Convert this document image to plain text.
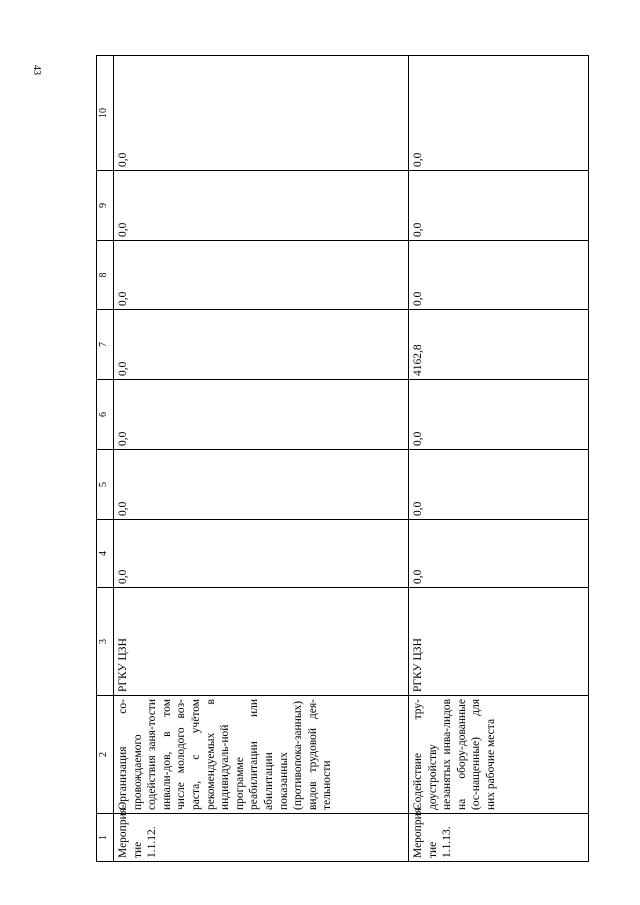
43
1	2	3	4	5	6	7	8	9	10
Мероприя-тие 1.1.12.	Организация со-провождаемого содействия заня-тости инвали-дов, в том числе молодого воз-раста, с учётом рекомендуемых в индивидуаль-ной программе реабилитации или абилитации показанных (противопока-занных) видов трудовой дея-тельности	РГКУ ЦЗН	0,0	0,0	0,0	0,0	0,0	0,0	0,0
Мероприя-тие 1.1.13.	Содействие тру-доустройству незанятых инва-лидов на обору-дованные (ос-нащенные) для них рабочие места	РГКУ ЦЗН	0,0	0,0	0,0	4162,8	0,0	0,0	0,0
